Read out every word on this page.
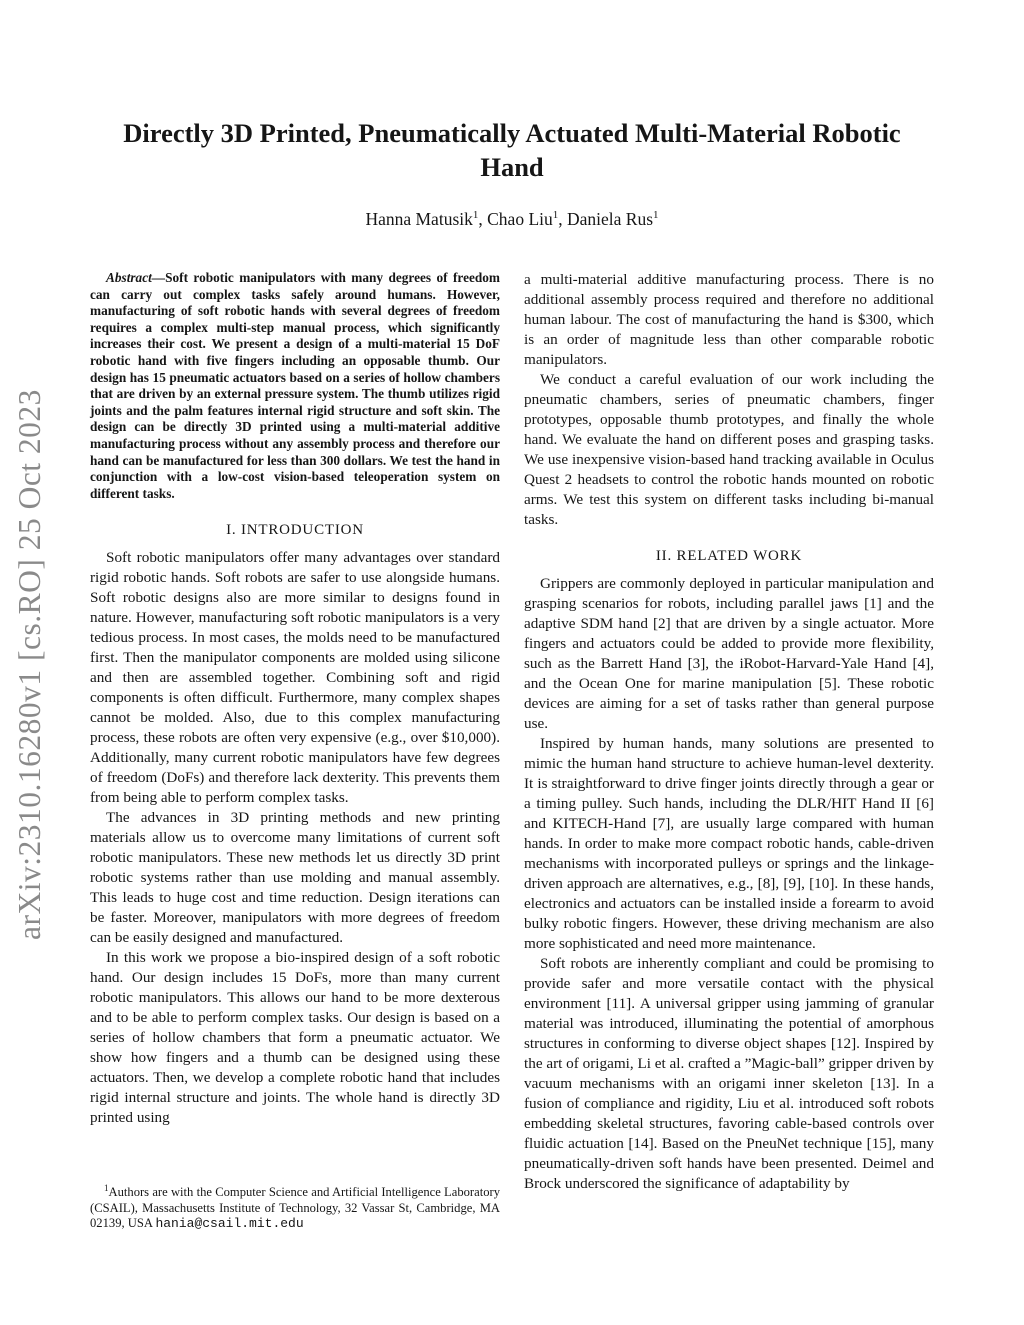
arXiv:2310.16280v1 [cs.RO] 25 Oct 2023
Directly 3D Printed, Pneumatically Actuated Multi-Material Robotic Hand
Hanna Matusik$^1$, Chao Liu$^1$, Daniela Rus$^1$

Abstract—Soft robotic manipulators with many degrees of freedom can carry out complex tasks safely around humans. However, manufacturing of soft robotic hands with several degrees of freedom requires a complex multi-step manual process, which significantly increases their cost. We present a design of a multi-material 15 DoF robotic hand with five fingers including an opposable thumb. Our design has 15 pneumatic actuators based on a series of hollow chambers that are driven by an external pressure system. The thumb utilizes rigid joints and the palm features internal rigid structure and soft skin. The design can be directly 3D printed using a multi-material additive manufacturing process without any assembly process and therefore our hand can be manufactured for less than 300 dollars. We test the hand in conjunction with a low-cost vision-based teleoperation system on different tasks.

I. INTRODUCTION

Soft robotic manipulators offer many advantages over standard rigid robotic hands. Soft robots are safer to use alongside humans. Soft robotic designs also are more similar to designs found in nature. However, manufacturing soft robotic manipulators is a very tedious process. In most cases, the molds need to be manufactured first. Then the manipulator components are molded using silicone and then are assembled together. Combining soft and rigid components is often difficult. Furthermore, many complex shapes cannot be molded. Also, due to this complex manufacturing process, these robots are often very expensive (e.g., over $10,000). Additionally, many current robotic manipulators have few degrees of freedom (DoFs) and therefore lack dexterity. This prevents them from being able to perform complex tasks.

The advances in 3D printing methods and new printing materials allow us to overcome many limitations of current soft robotic manipulators. These new methods let us directly 3D print robotic systems rather than use molding and manual assembly. This leads to huge cost and time reduction. Design iterations can be faster. Moreover, manipulators with more degrees of freedom can be easily designed and manufactured.

In this work we propose a bio-inspired design of a soft robotic hand. Our design includes 15 DoFs, more than many current robotic manipulators. This allows our hand to be more dexterous and to be able to perform complex tasks. Our design is based on a series of hollow chambers that form a pneumatic actuator. We show how fingers and a thumb can be designed using these actuators. Then, we develop a complete robotic hand that includes rigid internal structure and joints. The whole hand is directly 3D printed using

$^1$Authors are with the Computer Science and Artificial Intelligence Laboratory (CSAIL), Massachusetts Institute of Technology, 32 Vassar St, Cambridge, MA 02139, USA hania@csail.mit.edu

a multi-material additive manufacturing process. There is no additional assembly process required and therefore no additional human labour. The cost of manufacturing the hand is $300, which is an order of magnitude less than other comparable robotic manipulators.

We conduct a careful evaluation of our work including the pneumatic chambers, series of pneumatic chambers, finger prototypes, opposable thumb prototypes, and finally the whole hand. We evaluate the hand on different poses and grasping tasks. We use inexpensive vision-based hand tracking available in Oculus Quest 2 headsets to control the robotic hands mounted on robotic arms. We test this system on different tasks including bi-manual tasks.

II. RELATED WORK

Grippers are commonly deployed in particular manipulation and grasping scenarios for robots, including parallel jaws [1] and the adaptive SDM hand [2] that are driven by a single actuator. More fingers and actuators could be added to provide more flexibility, such as the Barrett Hand [3], the iRobot-Harvard-Yale Hand [4], and the Ocean One for marine manipulation [5]. These robotic devices are aiming for a set of tasks rather than general purpose use.

Inspired by human hands, many solutions are presented to mimic the human hand structure to achieve human-level dexterity. It is straightforward to drive finger joints directly through a gear or a timing pulley. Such hands, including the DLR/HIT Hand II [6] and KITECH-Hand [7], are usually large compared with human hands. In order to make more compact robotic hands, cable-driven mechanisms with incorporated pulleys or springs and the linkage-driven approach are alternatives, e.g., [8], [9], [10]. In these hands, electronics and actuators can be installed inside a forearm to avoid bulky robotic fingers. However, these driving mechanism are also more sophisticated and need more maintenance.

Soft robots are inherently compliant and could be promising to provide safer and more versatile contact with the physical environment [11]. A universal gripper using jamming of granular material was introduced, illuminating the potential of amorphous structures in conforming to diverse object shapes [12]. Inspired by the art of origami, Li et al. crafted a ”Magic-ball” gripper driven by vacuum mechanisms with an origami inner skeleton [13]. In a fusion of compliance and rigidity, Liu et al. introduced soft robots embedding skeletal structures, favoring cable-based controls over fluidic actuation [14]. Based on the PneuNet technique [15], many pneumatically-driven soft hands have been presented. Deimel and Brock underscored the significance of adaptability by
